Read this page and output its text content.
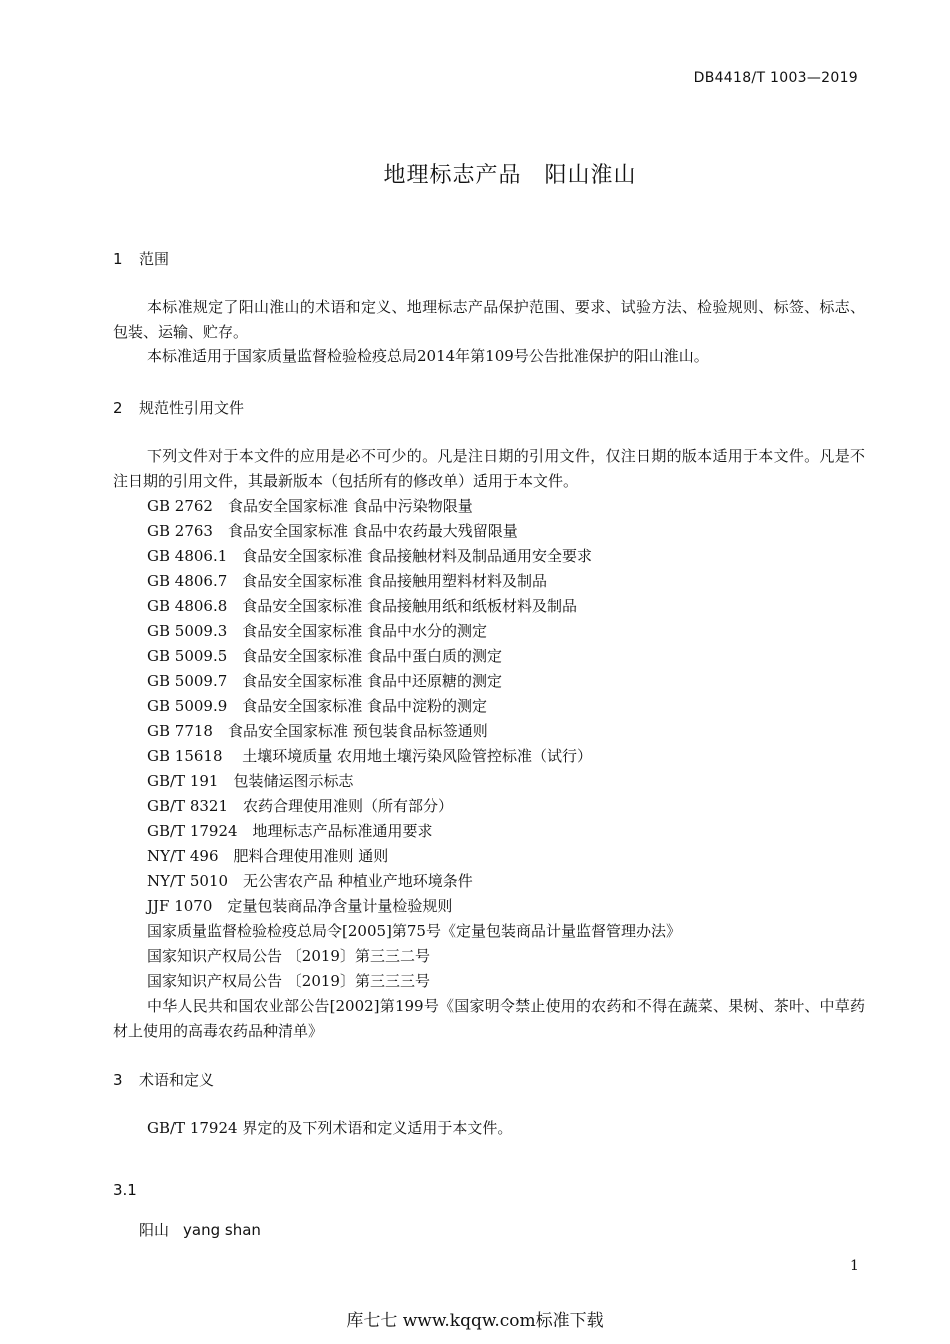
DB4418/T 1003—2019
地理标志产品　阳山淮山
1 范围
本标准规定了阳山淮山的术语和定义、地理标志产品保护范围、要求、试验方法、检验规则、标签、标志、包装、运输、贮存。
本标准适用于国家质量监督检验检疫总局2014年第109号公告批准保护的阳山淮山。
2 规范性引用文件
下列文件对于本文件的应用是必不可少的。凡是注日期的引用文件，仅注日期的版本适用于本文件。凡是不注日期的引用文件，其最新版本（包括所有的修改单）适用于本文件。
GB 2762　食品安全国家标准 食品中污染物限量
GB 2763　食品安全国家标准 食品中农药最大残留限量
GB 4806.1　食品安全国家标准 食品接触材料及制品通用安全要求
GB 4806.7　食品安全国家标准 食品接触用塑料材料及制品
GB 4806.8　食品安全国家标准 食品接触用纸和纸板材料及制品
GB 5009.3　食品安全国家标准 食品中水分的测定
GB 5009.5　食品安全国家标准 食品中蛋白质的测定
GB 5009.7　食品安全国家标准 食品中还原糖的测定
GB 5009.9　食品安全国家标准 食品中淀粉的测定
GB 7718　食品安全国家标准 预包装食品标签通则
GB 15618　 土壤环境质量 农用地土壤污染风险管控标准（试行）
GB/T 191　包装储运图示标志
GB/T 8321　农药合理使用准则（所有部分）
GB/T 17924　地理标志产品标准通用要求
NY/T 496　肥料合理使用准则 通则
NY/T 5010　无公害农产品 种植业产地环境条件
JJF 1070　定量包装商品净含量计量检验规则
国家质量监督检验检疫总局令[2005]第75号《定量包装商品计量监督管理办法》
国家知识产权局公告 〔2019〕第三三二号
国家知识产权局公告 〔2019〕第三三三号
中华人民共和国农业部公告[2002]第199号《国家明令禁止使用的农药和不得在蔬菜、果树、茶叶、中草药材上使用的高毒农药品种清单》
3 术语和定义
GB/T 17924 界定的及下列术语和定义适用于本文件。
3.1
阳山 yang shan
1
库七七 www.kqqw.com标准下载
